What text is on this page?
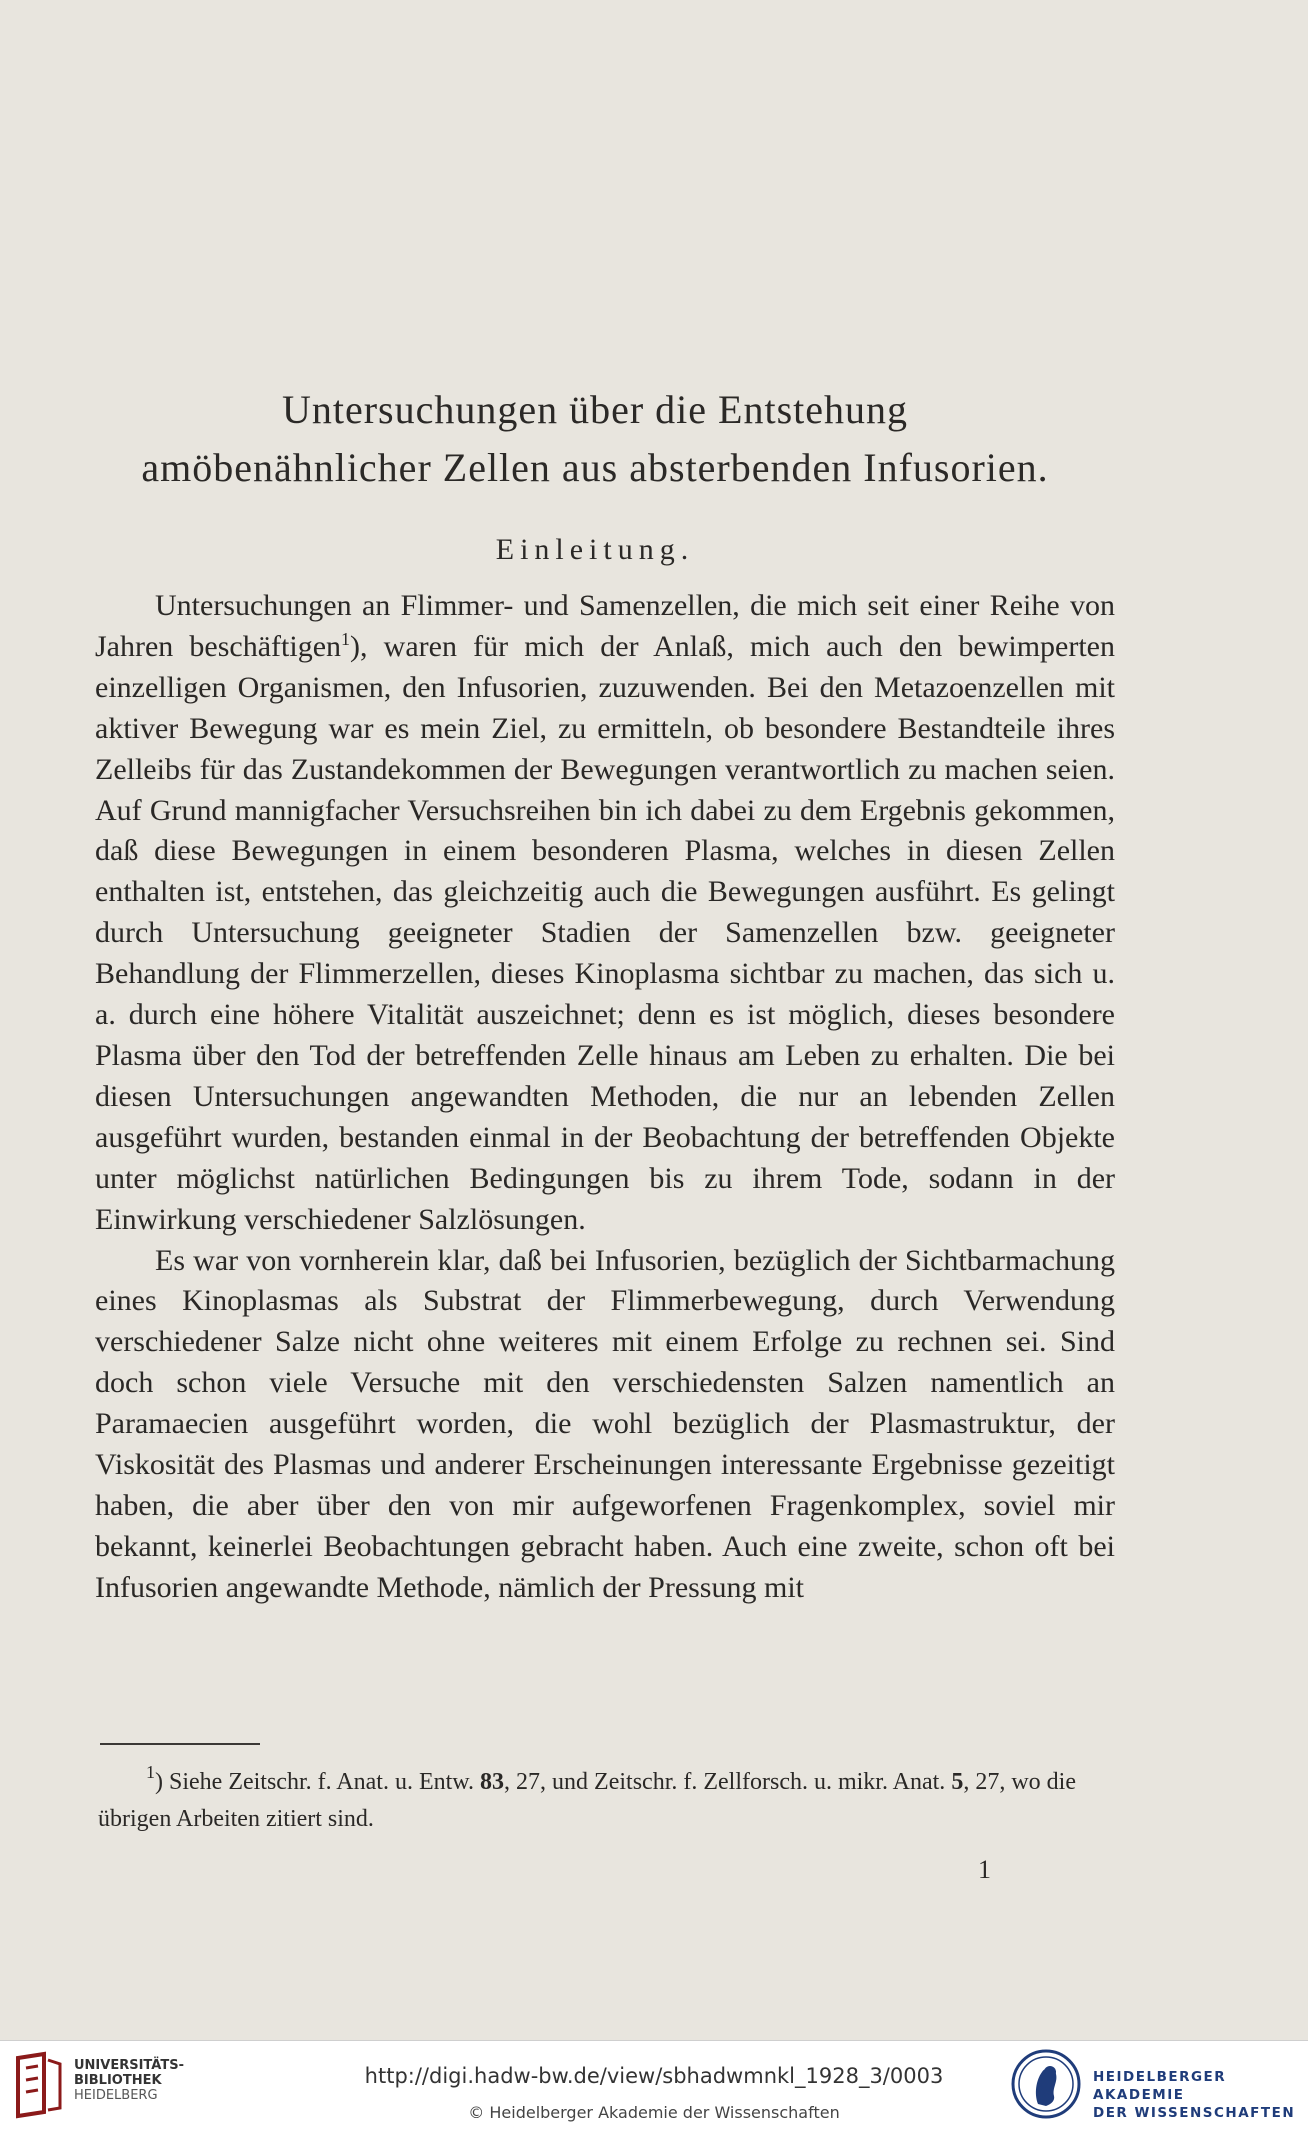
Untersuchungen über die Entstehung
amöbenähnlicher Zellen aus absterbenden Infusorien.
Einleitung.

Untersuchungen an Flimmer- und Samenzellen, die mich seit einer Reihe von Jahren beschäftigen$^1$), waren für mich der Anlaß, mich auch den bewimperten einzelligen Organismen, den Infusorien, zuzuwenden. Bei den Metazoenzellen mit aktiver Bewegung war es mein Ziel, zu ermitteln, ob besondere Bestandteile ihres Zelleibs für das Zustandekommen der Bewegungen verantwortlich zu machen seien. Auf Grund mannigfacher Versuchsreihen bin ich dabei zu dem Ergebnis gekommen, daß diese Bewegungen in einem besonderen Plasma, welches in diesen Zellen enthalten ist, entstehen, das gleichzeitig auch die Bewegungen ausführt. Es gelingt durch Untersuchung geeigneter Stadien der Samenzellen bzw. geeigneter Behandlung der Flimmerzellen, dieses Kinoplasma sichtbar zu machen, das sich u. a. durch eine höhere Vitalität auszeichnet; denn es ist möglich, dieses besondere Plasma über den Tod der betreffenden Zelle hinaus am Leben zu erhalten. Die bei diesen Untersuchungen angewandten Methoden, die nur an lebenden Zellen ausgeführt wurden, bestanden einmal in der Beobachtung der betreffenden Objekte unter möglichst natürlichen Bedingungen bis zu ihrem Tode, sodann in der Einwirkung verschiedener Salzlösungen.

Es war von vornherein klar, daß bei Infusorien, bezüglich der Sichtbarmachung eines Kinoplasmas als Substrat der Flimmerbewegung, durch Verwendung verschiedener Salze nicht ohne weiteres mit einem Erfolge zu rechnen sei. Sind doch schon viele Versuche mit den verschiedensten Salzen namentlich an Paramaecien ausgeführt worden, die wohl bezüglich der Plasmastruktur, der Viskosität des Plasmas und anderer Erscheinungen interessante Ergebnisse gezeitigt haben, die aber über den von mir aufgeworfenen Fragenkomplex, soviel mir bekannt, keinerlei Beobachtungen gebracht haben. Auch eine zweite, schon oft bei Infusorien angewandte Methode, nämlich der Pressung mit

$^1$) Siehe Zeitschr. f. Anat. u. Entw. 83, 27, und Zeitschr. f. Zellforsch. u. mikr. Anat. 5, 27, wo die übrigen Arbeiten zitiert sind.

1
UNIVERSITÄTS-
BIBLIOTHEK
HEIDELBERG
http://digi.hadw-bw.de/view/sbhadwmnkl_1928_3/0003
© Heidelberger Akademie der Wissenschaften
HEIDELBERGER AKADEMIE
DER WISSENSCHAFTEN
